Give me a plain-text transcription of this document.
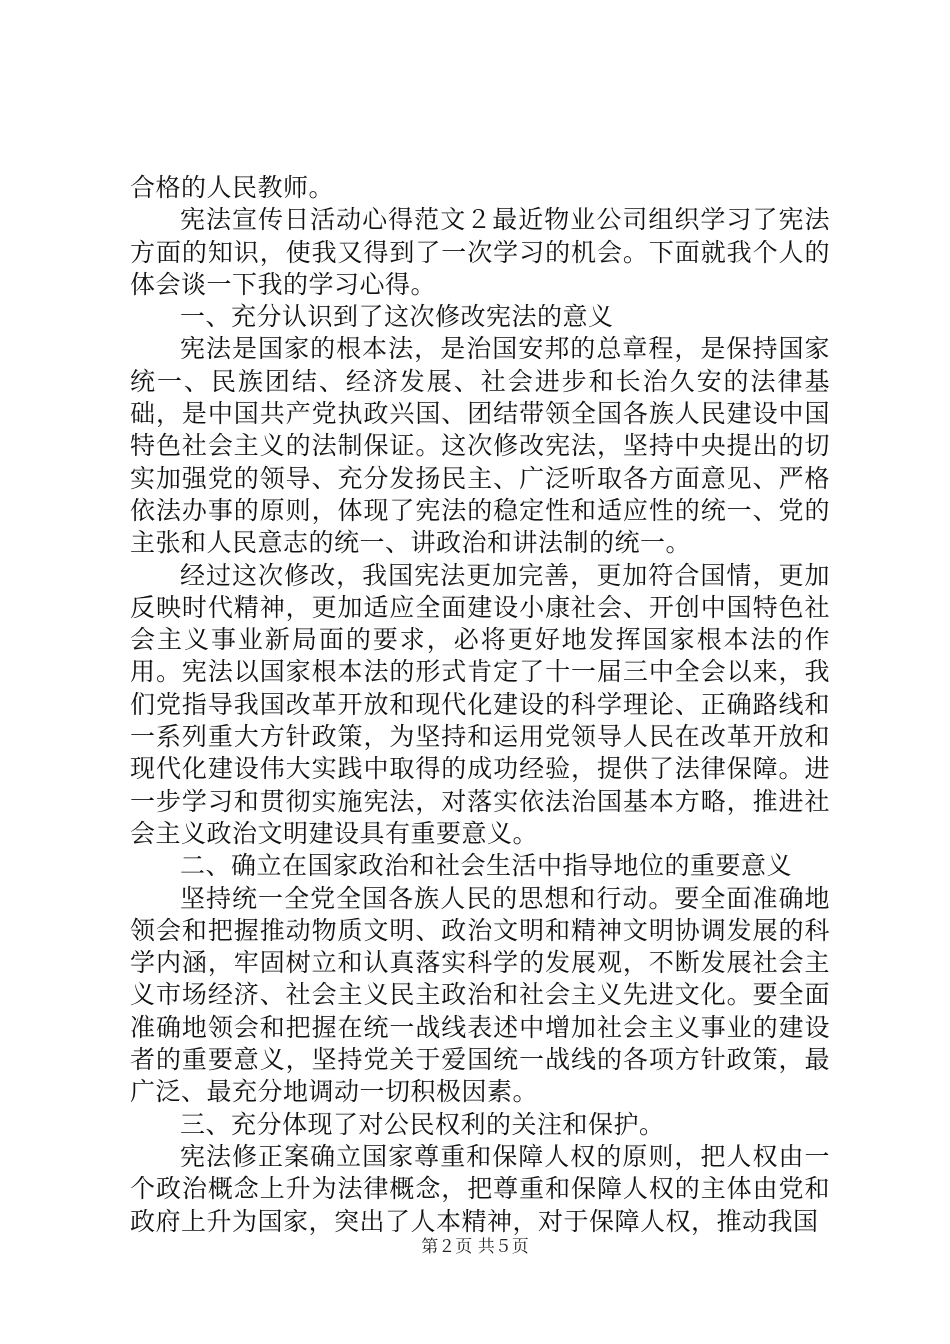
合格的人民教师。

宪法宣传日活动心得范文２最近物业公司组织学习了宪法方面的知识，使我又得到了一次学习的机会。下面就我个人的体会谈一下我的学习心得。

一、充分认识到了这次修改宪法的意义

宪法是国家的根本法，是治国安邦的总章程，是保持国家统一、民族团结、经济发展、社会进步和长治久安的法律基础，是中国共产党执政兴国、团结带领全国各族人民建设中国特色社会主义的法制保证。这次修改宪法，坚持中央提出的切实加强党的领导、充分发扬民主、广泛听取各方面意见、严格依法办事的原则，体现了宪法的稳定性和适应性的统一、党的主张和人民意志的统一、讲政治和讲法制的统一。

经过这次修改，我国宪法更加完善，更加符合国情，更加反映时代精神，更加适应全面建设小康社会、开创中国特色社会主义事业新局面的要求，必将更好地发挥国家根本法的作用。宪法以国家根本法的形式肯定了十一届三中全会以来，我们党指导我国改革开放和现代化建设的科学理论、正确路线和一系列重大方针政策，为坚持和运用党领导人民在改革开放和现代化建设伟大实践中取得的成功经验，提供了法律保障。进一步学习和贯彻实施宪法，对落实依法治国基本方略，推进社会主义政治文明建设具有重要意义。

二、确立在国家政治和社会生活中指导地位的重要意义

坚持统一全党全国各族人民的思想和行动。要全面准确地领会和把握推动物质文明、政治文明和精神文明协调发展的科学内涵，牢固树立和认真落实科学的发展观，不断发展社会主义市场经济、社会主义民主政治和社会主义先进文化。要全面准确地领会和把握在统一战线表述中增加社会主义事业的建设者的重要意义，坚持党关于爱国统一战线的各项方针政策，最广泛、最充分地调动一切积极因素。

三、充分体现了对公民权利的关注和保护。

宪法修正案确立国家尊重和保障人权的原则，把人权由一个政治概念上升为法律概念，把尊重和保障人权的主体由党和政府上升为国家，突出了人本精神，对于保障人权，推动我国

第２页 共５页
